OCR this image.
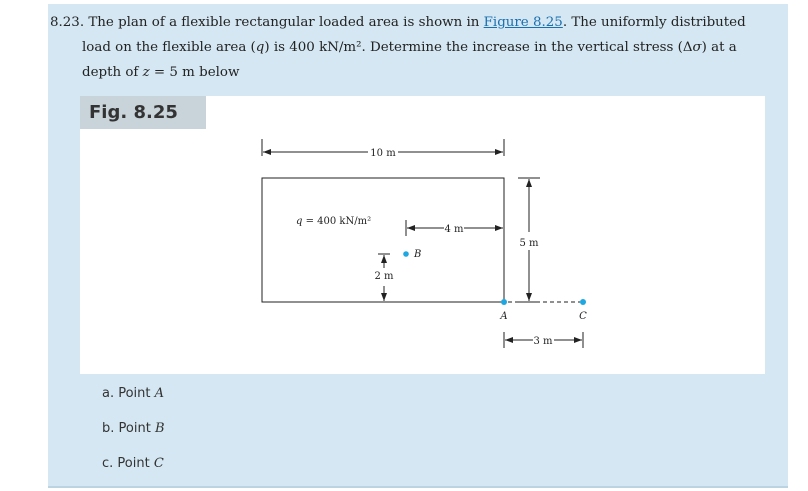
8.23. The plan of a flexible rectangular loaded area is shown in Figure 8.25. The uniformly distributed
load on the flexible area (q) is 400 kN/m². Determine the increase in the vertical stress (Δσ) at a
depth of z = 5 m below
10 m
q = 400 kN/m²
4 m
B
2 m
5 m
A	C
3 m
Fig. 8.25
a. Point A
b. Point B
c. Point C
